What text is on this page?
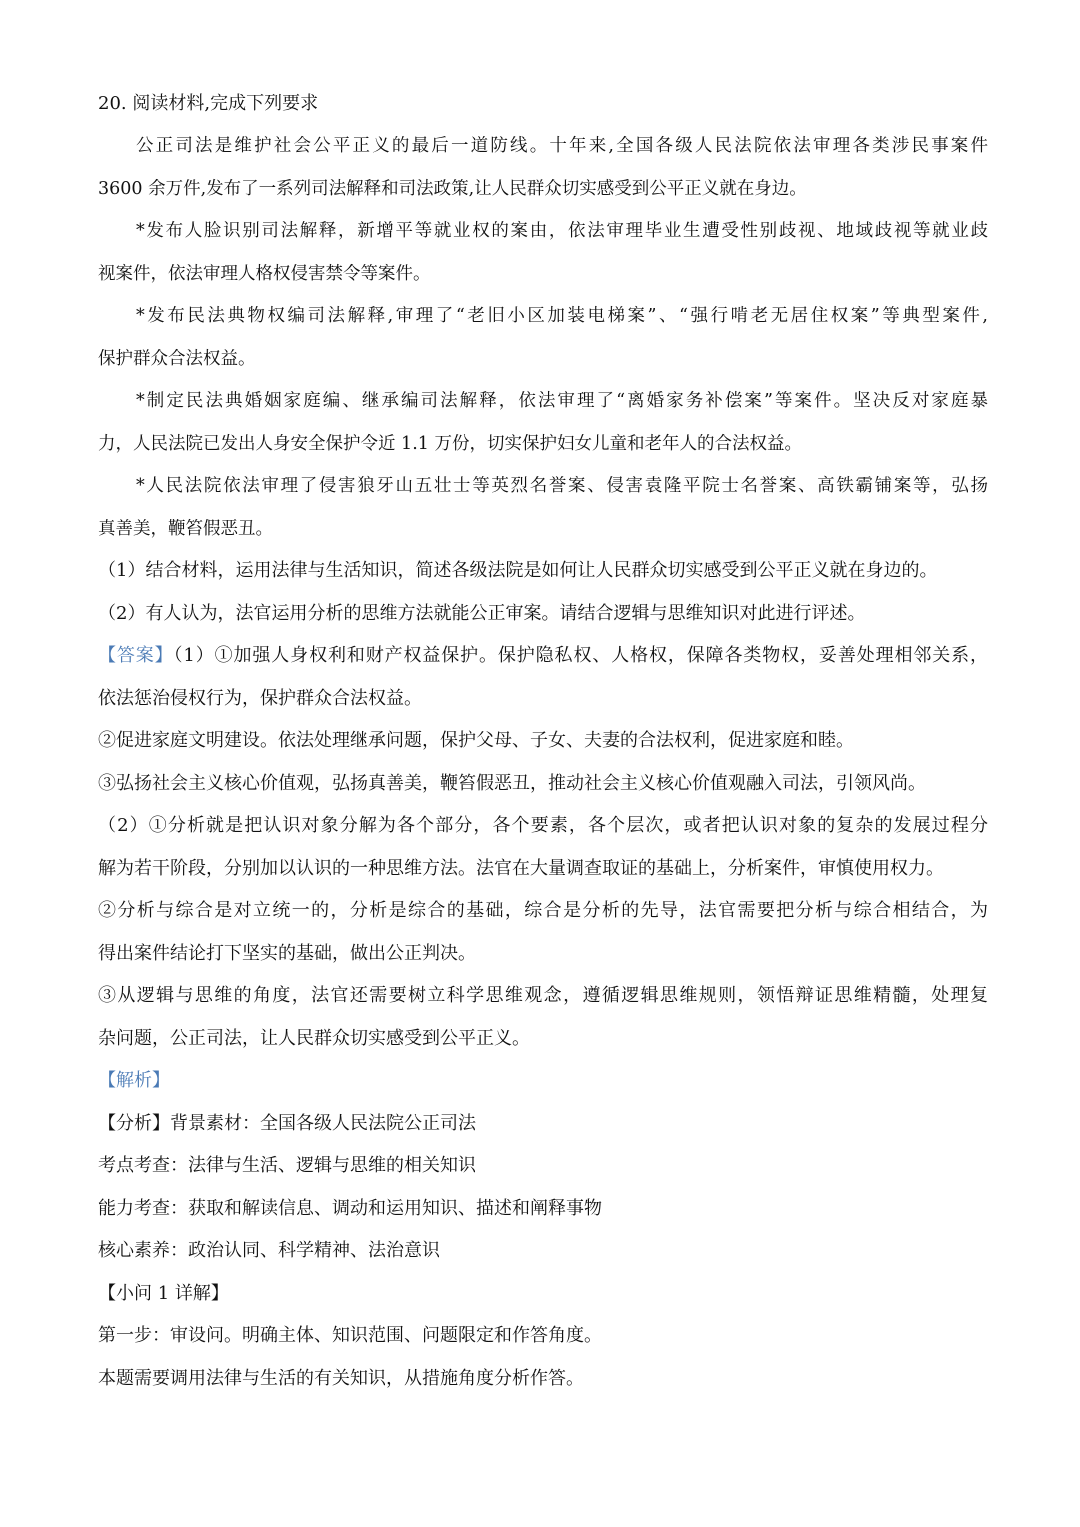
20. 阅读材料,完成下列要求
公正司法是维护社会公平正义的最后一道防线。十年来,全国各级人民法院依法审理各类涉民事案件
3600 余万件,发布了一系列司法解释和司法政策,让人民群众切实感受到公平正义就在身边。
*发布人脸识别司法解释，新增平等就业权的案由，依法审理毕业生遭受性别歧视、地域歧视等就业歧
视案件，依法审理人格权侵害禁令等案件。
*发布民法典物权编司法解释,审理了“老旧小区加装电梯案”、“强行啃老无居住权案”等典型案件,
保护群众合法权益。
*制定民法典婚姻家庭编、继承编司法解释，依法审理了“离婚家务补偿案”等案件。坚决反对家庭暴
力，人民法院已发出人身安全保护令近 1.1 万份，切实保护妇女儿童和老年人的合法权益。
*人民法院依法审理了侵害狼牙山五壮士等英烈名誉案、侵害袁隆平院士名誉案、高铁霸铺案等，弘扬
真善美，鞭笞假恶丑。
（1）结合材料，运用法律与生活知识，简述各级法院是如何让人民群众切实感受到公平正义就在身边的。
（2）有人认为，法官运用分析的思维方法就能公正审案。请结合逻辑与思维知识对此进行评述。
【答案】（1）①加强人身权利和财产权益保护。保护隐私权、人格权，保障各类物权，妥善处理相邻关系，
依法惩治侵权行为，保护群众合法权益。
②促进家庭文明建设。依法处理继承问题，保护父母、子女、夫妻的合法权利，促进家庭和睦。
③弘扬社会主义核心价值观，弘扬真善美，鞭笞假恶丑，推动社会主义核心价值观融入司法，引领风尚。
（2）①分析就是把认识对象分解为各个部分，各个要素，各个层次，或者把认识对象的复杂的发展过程分
解为若干阶段，分别加以认识的一种思维方法。法官在大量调查取证的基础上，分析案件，审慎使用权力。
②分析与综合是对立统一的，分析是综合的基础，综合是分析的先导，法官需要把分析与综合相结合，为
得出案件结论打下坚实的基础，做出公正判决。
③从逻辑与思维的角度，法官还需要树立科学思维观念，遵循逻辑思维规则，领悟辩证思维精髓，处理复
杂问题，公正司法，让人民群众切实感受到公平正义。
【解析】
【分析】背景素材：全国各级人民法院公正司法
考点考查：法律与生活、逻辑与思维的相关知识
能力考查：获取和解读信息、调动和运用知识、描述和阐释事物
核心素养：政治认同、科学精神、法治意识
【小问 1 详解】
第一步：审设问。明确主体、知识范围、问题限定和作答角度。
本题需要调用法律与生活的有关知识，从措施角度分析作答。
